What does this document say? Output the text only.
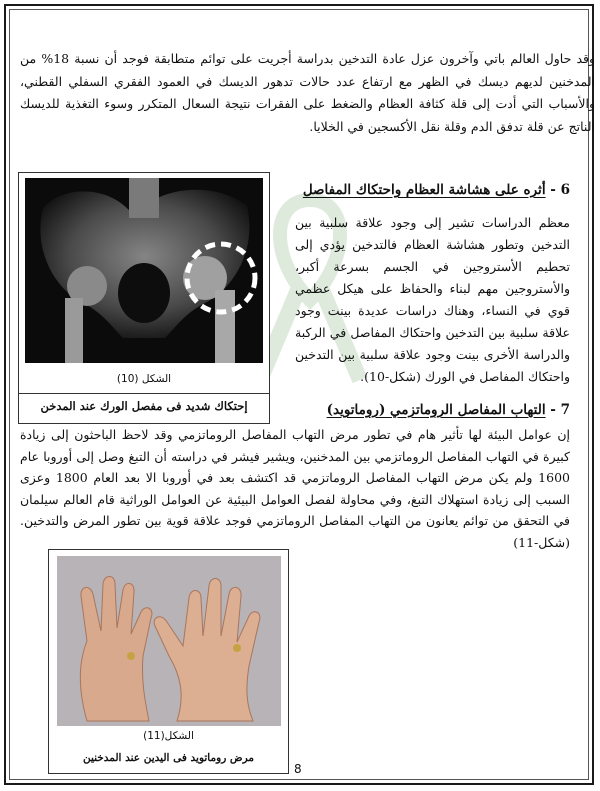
وقد حاول العالم باتي وآخرون عزل عادة التدخين بدراسة أجريت على توائم متطابقة فوجد أن نسبة 18% من المدخنين لديهم ديسك في الظهر مع ارتفاع عدد حالات تدهور الديسك في العمود الفقري السفلي القطني، والأسباب التي أدت إلى قلة كثافة العظام والضغط على الفقرات نتيجة السعال المتكرر وسوء التغذية للديسك الناتج عن قلة تدفق الدم وقلة نقل الأكسجين في الخلايا.

6 - أثره على هشاشة العظام واحتكاك المفاصل

معظم الدراسات تشير إلى وجود علاقة سلبية بين التدخين وتطور هشاشة العظام فالتدخين يؤدي إلى تحطيم الأستروجين في الجسم بسرعة أكبر، والأستروجين مهم لبناء والحفاظ على هيكل عظمي قوي في النساء، وهناك دراسات عديدة بينت وجود علاقة سلبية بين التدخين واحتكاك المفاصل في الركبة والدراسة الأخرى بينت وجود علاقة سلبية بين التدخين واحتكاك المفاصل في الورك (شكل-10).

الشكل (10)
إحتكاك شديد فى مفصل الورك عند المدخن	7 - التهاب المفاصل الروماتزمي (روماتويد)

إن عوامل البيئة لها تأثير هام في تطور مرض التهاب المفاصل الروماتزمي وقد لاحظ الباحثون إلى زيادة كبيرة في التهاب المفاصل الروماتزمي بين المدخنين، ويشير فيشر في دراسته أن التبغ وصل إلى أوروبا عام 1600 ولم يكن مرض التهاب المفاصل الروماتزمي قد اكتشف بعد في أوروبا الا بعد العام 1800 وعزى السبب إلى زيادة استهلاك التبغ، وفي محاولة لفصل العوامل البيئية عن العوامل الوراثية قام العالم سيلمان في التحقق من توائم يعانون من التهاب المفاصل الروماتزمي فوجد علاقة قوية بين تطور المرض والتدخين. (شكل-11)

الشكل(11)
مرض روماتويد فى اليدين عند المدخنين
8
